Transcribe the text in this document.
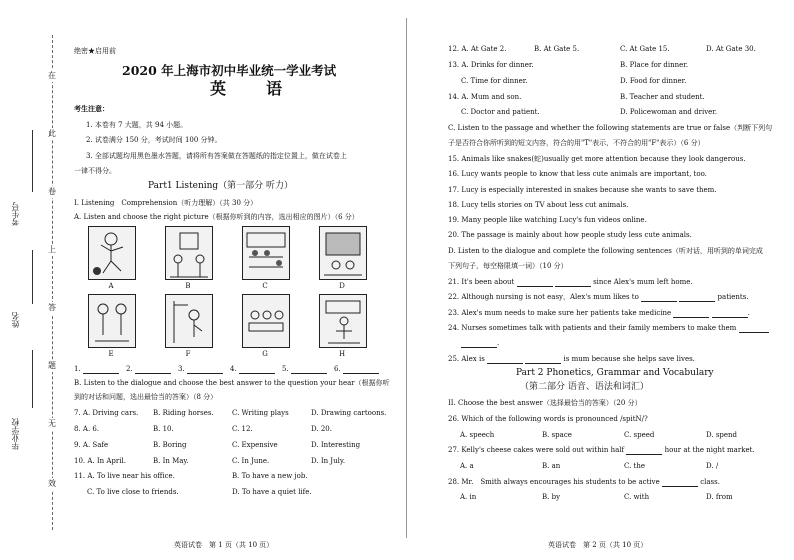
在
此
卷
上
答
题
无
效
考生号
姓名
毕业学校
绝密★启用前
2020 年上海市初中毕业统一学业考试
英　语
考生注意：
1. 本卷有 7 大题，共 94 小题。
2. 试卷满分 150 分，考试时间 100 分钟。
3. 全部试题均用黑色墨水答题，请将所有答案做在答题纸的指定位置上，做在试卷上
一律不得分。
Part1 Listening（第一部分 听力）
I. Listening　Comprehension（听力理解）（共 30 分）
A. Listen and choose the right picture（根据你听到的内容，选出相应的图片）（6 分）
A	B	C	D
E	F	G	H
1.	2.	3.	4.	5.	6.
B. Listen to the dialogue and choose the best answer to the question your hear（根据你听
到的对话和问题，选出最恰当的答案）（8 分）
7. A. Driving cars.	B. Riding horses.	C. Writing plays	D. Drawing cartoons.
8. A. 6.	B. 10.	C. 12.	D. 20.
9. A. Safe	B. Boring	C. Expensive	D. Interesting
10. A. In April.	B. In May.	C. In June.	D. In July.
11. A. To live near his office.	B. To have a new job.
C. To live close to friends.	D. To have a quiet life.
英语试卷　第 1 页（共 10 页）
12. A. At Gate 2.	B. At Gate 5.	C. At Gate 15.	D. At Gate 30.
13. A. Drinks for dinner.	B. Place for dinner.
C. Time for dinner.	D. Food for dinner.
14. A. Mum and son.	B. Teacher and student.
C. Doctor and patient.	D. Policewoman and driver.
C. Listen to the passage and whether the following statements are true or false（判断下列句
子是否符合你所听到的短文内容，符合的用"T"表示，不符合的用"F"表示）（6 分）
15. Animals like snakes(蛇)usually get more attention because they look dangerous.
16. Lucy wants people to know that less cute animals are important, too.
17. Lucy is especially interested in snakes because she wants to save them.
18. Lucy tells stories on TV about less cut animals.
19. Many people like watching Lucy's fun videos online.
20. The passage is mainly about how people study less cute animals.
D. Listen to the dialogue and complete the following sentences（听对话，用听到的单词完成
下列句子，每空格限填一词）（10 分）
21. It's been about	since Alex's mum left home.
22. Although nursing is not easy，Alex's mum likes to	patients.
23. Alex's mum needs to make sure her patients take medicine	.
24. Nurses sometimes talk with patients and their family members to make them
.
25. Alex is	is mum because she helps save lives.
Part 2 Phonetics, Grammar and Vocabulary
（第二部分 语音、语法和词汇）
II. Choose the best answer（选择最恰当的答案）（20 分）
26. Which of the following words is pronounced /spitN/?
A. speech	B. space	C. speed	D. spend
27. Kelly's cheese cakes were sold out within half	hour at the night market.
A. a	B. an	C. the	D. /
28. Mr.　Smith always encourages his students to be active	class.
A. in	B. by	C. with	D. from
英语试卷　第 2 页（共 10 页）
